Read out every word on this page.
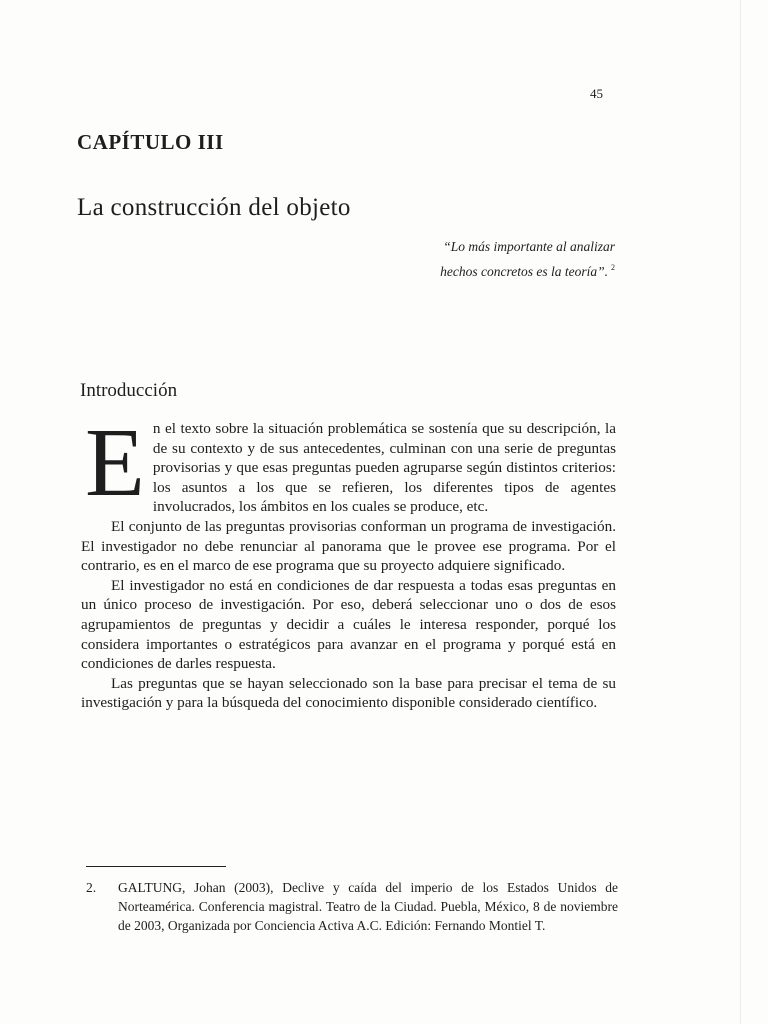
45
CAPÍTULO III
La construcción del objeto
“Lo más importante al analizar
hechos concretos es la teoría”. $^2$
Introducción

En el texto sobre la situación problemática se sostenía que su descripción, la de su contexto y de sus antecedentes, culminan con una serie de preguntas provisorias y que esas preguntas pueden agruparse según distintos criterios: los asuntos a los que se refieren, los diferentes tipos de agentes involucrados, los ámbitos en los cuales se produce, etc.

El conjunto de las preguntas provisorias conforman un programa de investigación. El investigador no debe renunciar al panorama que le provee ese programa. Por el contrario, es en el marco de ese programa que su proyecto adquiere significado.

El investigador no está en condiciones de dar respuesta a todas esas preguntas en un único proceso de investigación. Por eso, deberá seleccionar uno o dos de esos agrupamientos de preguntas y decidir a cuáles le interesa responder, porqué los considera importantes o estratégicos para avanzar en el programa y porqué está en condiciones de darles respuesta.

Las preguntas que se hayan seleccionado son la base para precisar el tema de su investigación y para la búsqueda del conocimiento disponible considerado científico.

2. GALTUNG, Johan (2003), Declive y caída del imperio de los Estados Unidos de Norteamérica. Conferencia magistral. Teatro de la Ciudad. Puebla, México, 8 de noviembre de 2003, Organizada por Conciencia Activa A.C. Edición: Fernando Montiel T.
